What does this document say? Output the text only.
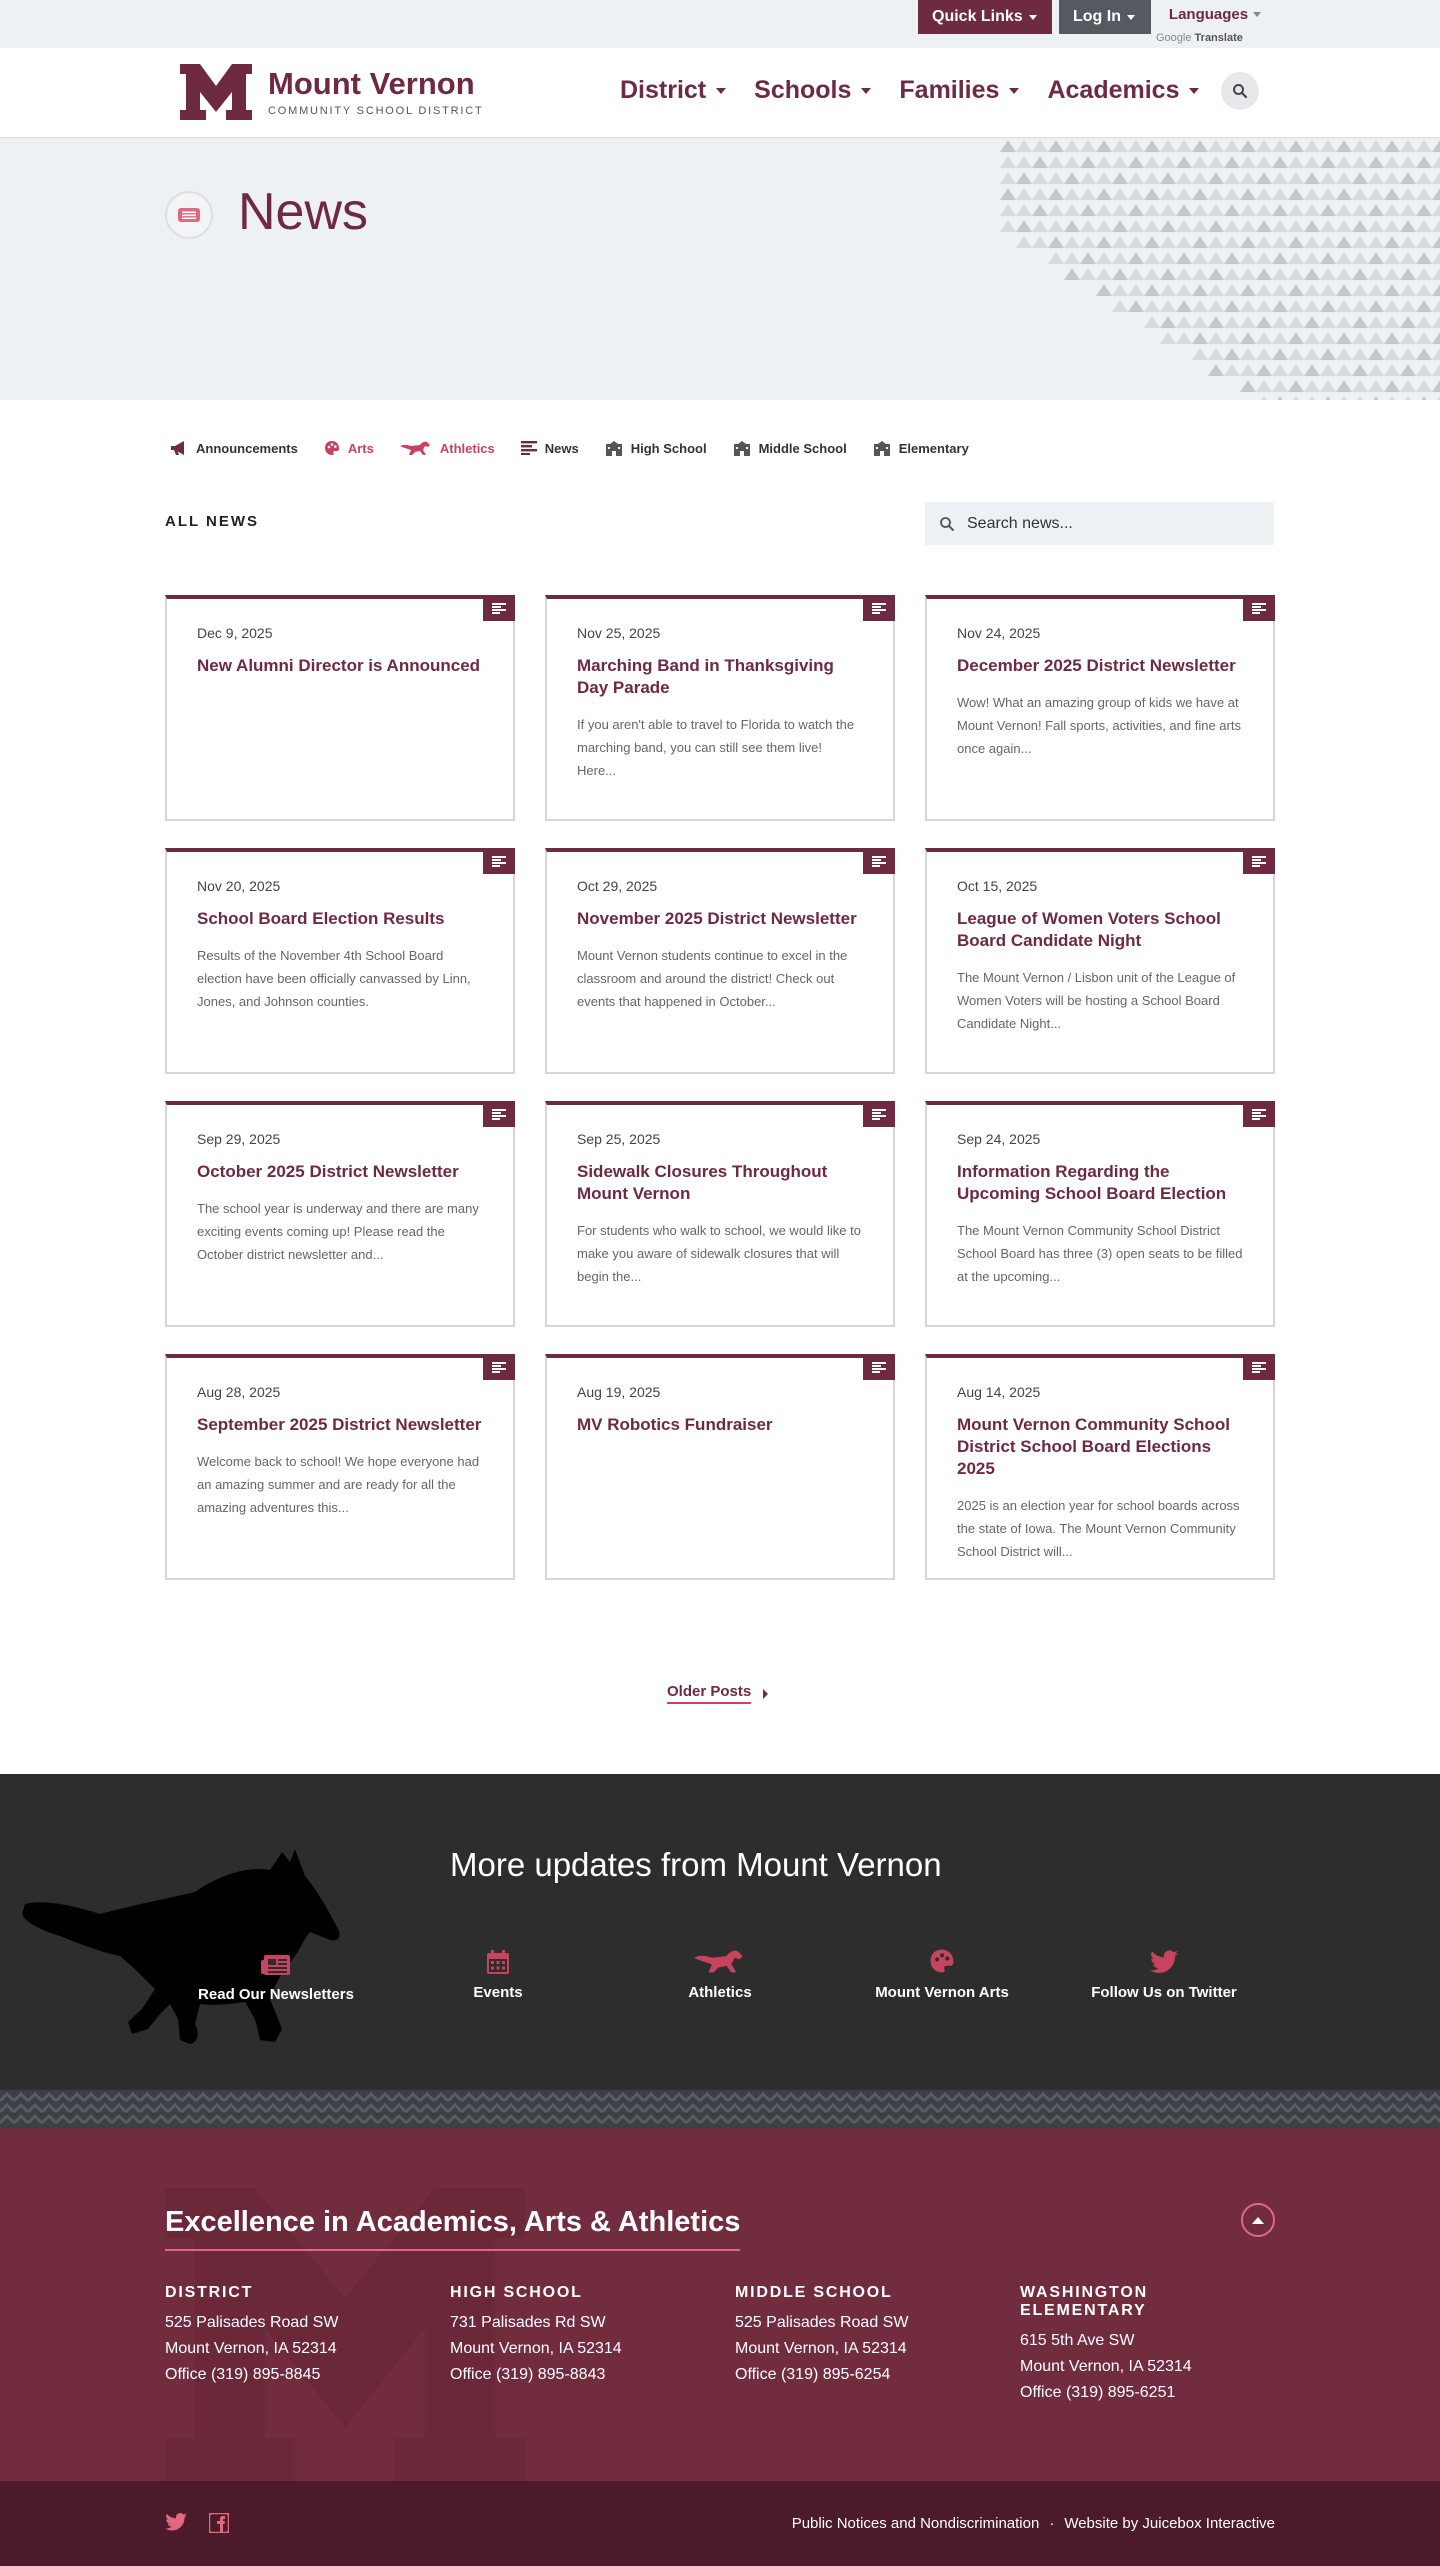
Quick Links	Log In	Languages
Google Translate
Mount Vernon
COMMUNITY SCHOOL DISTRICT
District Schools Families Academics
News
Announcements	Arts	Athletics	News	High School	Middle School	Elementary
ALL NEWS
Search news...
Dec 9, 2025
New Alumni Director is Announced
Nov 25, 2025
Marching Band in Thanksgiving Day Parade
If you aren't able to travel to Florida to watch the marching band, you can still see them live! Here...
Nov 24, 2025
December 2025 District Newsletter
Wow! What an amazing group of kids we have at Mount Vernon! Fall sports, activities, and fine arts once again...
Nov 20, 2025
School Board Election Results
Results of the November 4th School Board election have been officially canvassed by Linn, Jones, and Johnson counties.
Oct 29, 2025
November 2025 District Newsletter
Mount Vernon students continue to excel in the classroom and around the district! Check out events that happened in October...
Oct 15, 2025
League of Women Voters School Board Candidate Night
The Mount Vernon / Lisbon unit of the League of Women Voters will be hosting a School Board Candidate Night...
Sep 29, 2025
October 2025 District Newsletter
The school year is underway and there are many exciting events coming up! Please read the October district newsletter and...
Sep 25, 2025
Sidewalk Closures Throughout Mount Vernon
For students who walk to school, we would like to make you aware of sidewalk closures that will begin the...
Sep 24, 2025
Information Regarding the Upcoming School Board Election
The Mount Vernon Community School District School Board has three (3) open seats to be filled at the upcoming...
Aug 28, 2025
September 2025 District Newsletter
Welcome back to school! We hope everyone had an amazing summer and are ready for all the amazing adventures this...
Aug 19, 2025
MV Robotics Fundraiser
Aug 14, 2025
Mount Vernon Community School District School Board Elections 2025
2025 is an election year for school boards across the state of Iowa. The Mount Vernon Community School District will...
Older Posts
More updates from Mount Vernon
Read Our Newsletters	Events	Athletics	Mount Vernon Arts	Follow Us on Twitter
Excellence in Academics, Arts & Athletics
DISTRICT

525 Palisades Road SW

Mount Vernon, IA 52314

Office (319) 895-8845

HIGH SCHOOL

731 Palisades Rd SW

Mount Vernon, IA 52314

Office (319) 895-8843

MIDDLE SCHOOL

525 Palisades Road SW

Mount Vernon, IA 52314

Office (319) 895-6254

WASHINGTON ELEMENTARY

615 5th Ave SW

Mount Vernon, IA 52314

Office (319) 895-6251

Public Notices and Nondiscrimination · Website by Juicebox Interactive
